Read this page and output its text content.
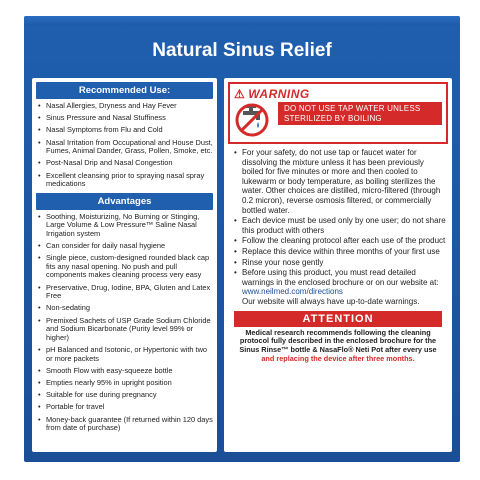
Natural Sinus Relief
Recommended Use:
• Nasal Allergies, Dryness and Hay Fever
• Sinus Pressure and Nasal Stuffiness
• Nasal Symptoms from Flu and Cold
• Nasal Irritation from Occupational and House Dust, Fumes, Animal Dander, Grass, Pollen, Smoke, etc.
• Post-Nasal Drip and Nasal Congestion
• Excellent cleansing prior to spraying nasal spray medications
Advantages
• Soothing, Moisturizing, No Burning or Stinging, Large Volume & Low Pressure™ Saline Nasal Irrigation system
• Can consider for daily nasal hygiene
• Single piece, custom-designed rounded black cap fits any nasal opening. No push and pull components makes cleaning process very easy
• Preservative, Drug, Iodine, BPA, Gluten and Latex Free
• Non-sedating
• Premixed Sachets of USP Grade Sodium Chloride and Sodium Bicarbonate (Purity level 99% or higher)
• pH Balanced and Isotonic, or Hypertonic with two or more packets
• Smooth Flow with easy-squeeze bottle
• Empties nearly 95% in upright position
• Suitable for use during pregnancy
• Portable for travel
• Money-back guarantee (If returned within 120 days from date of purchase)
⚠ WARNING
DO NOT USE TAP WATER UNLESS STERILIZED BY BOILING
• For your safety, do not use tap or faucet water for dissolving the mixture unless it has been previously boiled for five minutes or more and then cooled to lukewarm or body temperature, as boiling sterilizes the water. Other choices are distilled, micro-filtered (through 0.2 micron), reverse osmosis filtered, or commercially bottled water.
• Each device must be used only by one user; do not share this product with others
• Follow the cleaning protocol after each use of the product
• Replace this device within three months of your first use
• Rinse your nose gently
• Before using this product, you must read detailed warnings in the enclosed brochure or on our website at:
www.neilmed.com/directions
Our website will always have up-to-date warnings.
ATTENTION
Medical research recommends following the cleaning protocol fully described in the enclosed brochure for the Sinus Rinse™ bottle & NasaFlo® Neti Pot after every use and replacing the device after three months.
